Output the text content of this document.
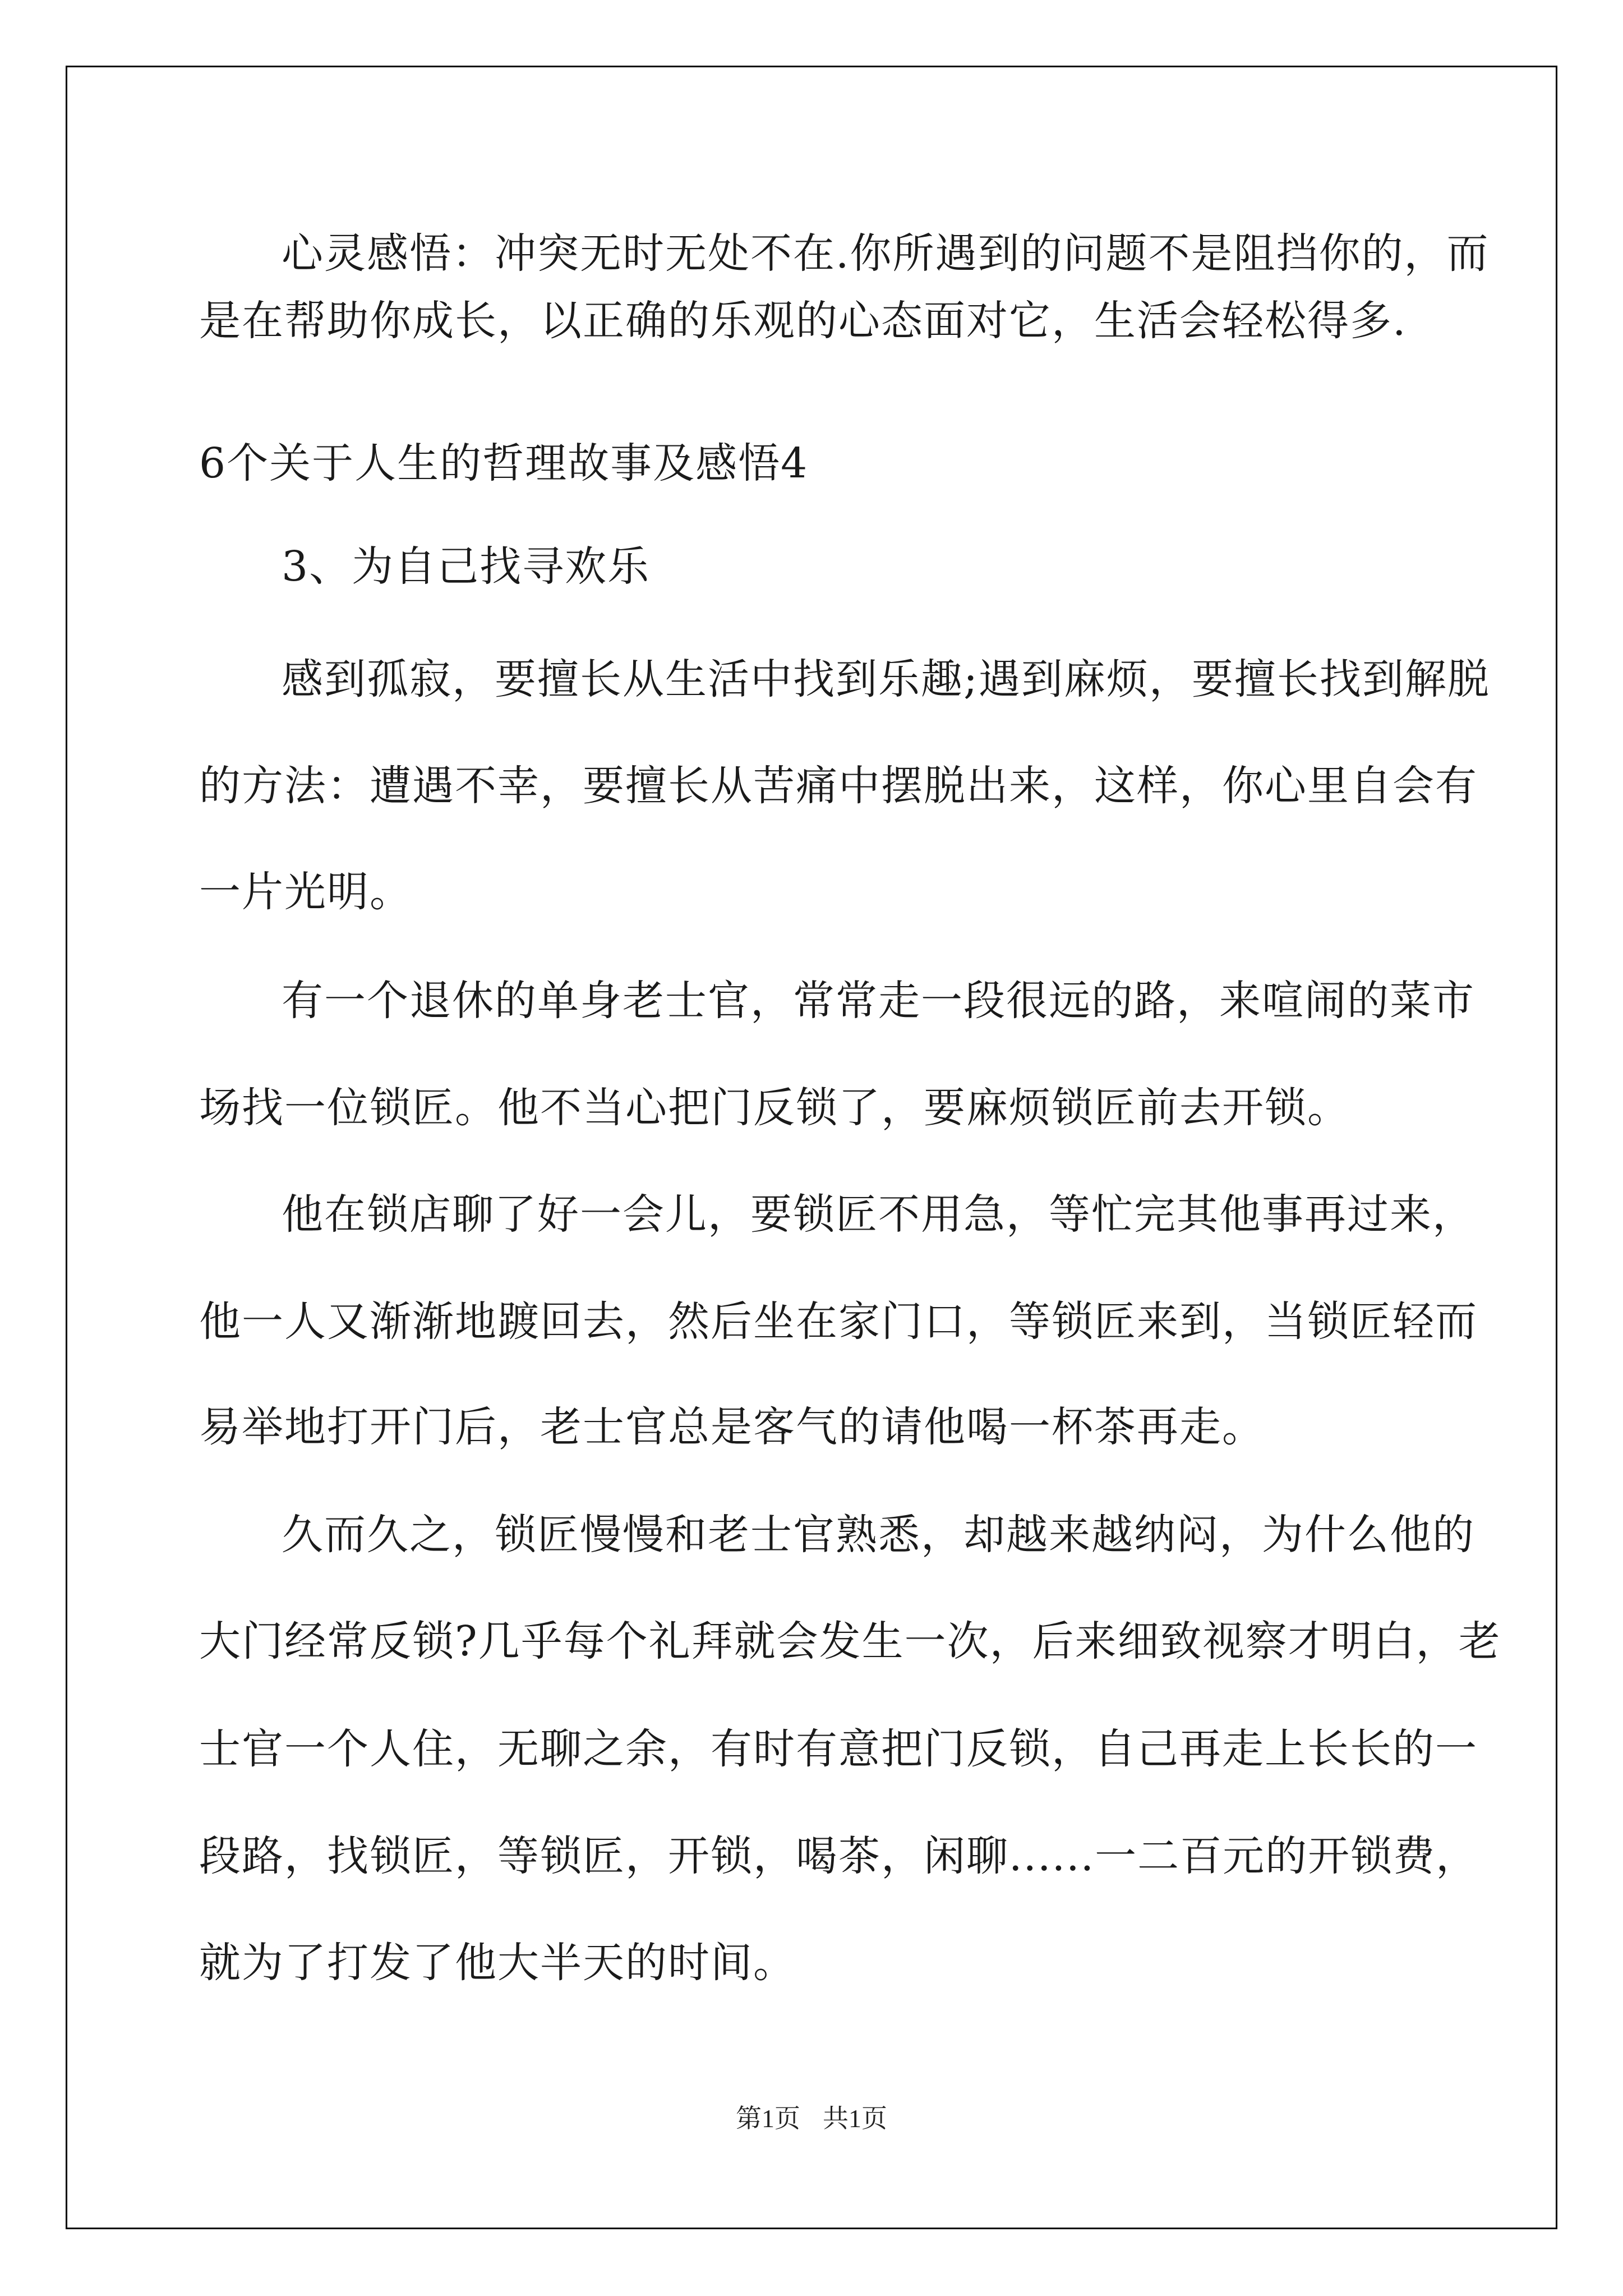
心灵感悟：冲突无时无处不在.你所遇到的问题不是阻挡你的，而
是在帮助你成长，以正确的乐观的心态面对它，生活会轻松得多.
6个关于人生的哲理故事及感悟4
3、为自己找寻欢乐
感到孤寂，要擅长从生活中找到乐趣;遇到麻烦，要擅长找到解脱
的方法：遭遇不幸，要擅长从苦痛中摆脱出来，这样，你心里自会有
一片光明。
有一个退休的单身老士官，常常走一段很远的路，来喧闹的菜市
场找一位锁匠。他不当心把门反锁了，要麻烦锁匠前去开锁。
他在锁店聊了好一会儿，要锁匠不用急，等忙完其他事再过来，
他一人又渐渐地踱回去，然后坐在家门口，等锁匠来到，当锁匠轻而
易举地打开门后，老士官总是客气的请他喝一杯茶再走。
久而久之，锁匠慢慢和老士官熟悉，却越来越纳闷，为什么他的
大门经常反锁?几乎每个礼拜就会发生一次，后来细致视察才明白，老
士官一个人住，无聊之余，有时有意把门反锁，自己再走上长长的一
段路，找锁匠，等锁匠，开锁，喝茶，闲聊......一二百元的开锁费，
就为了打发了他大半天的时间。
第1页 共1页
